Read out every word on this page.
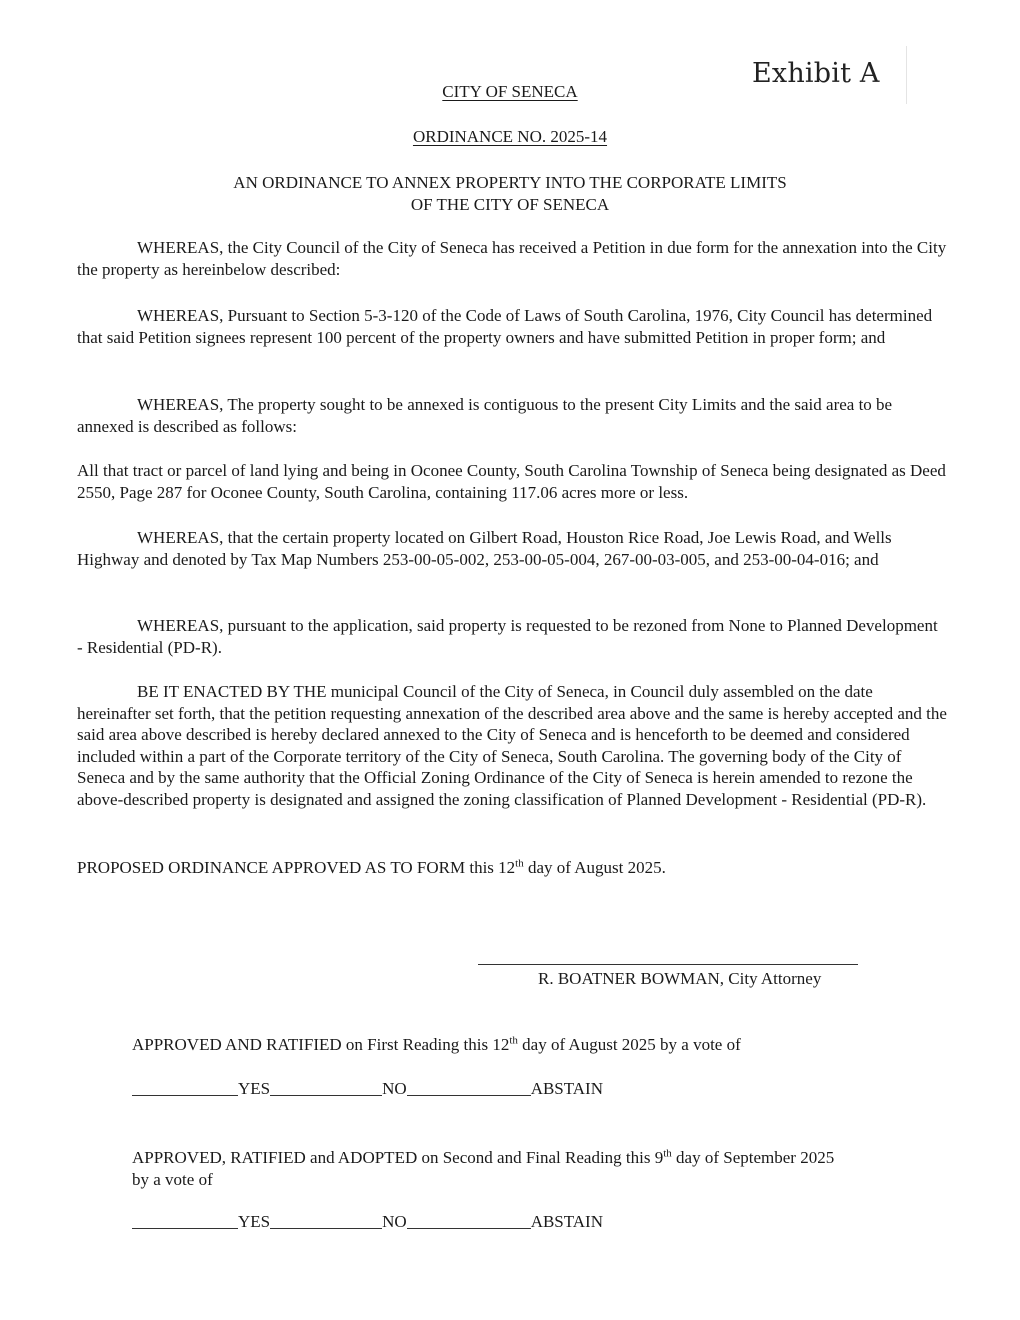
Exhibit A
CITY OF SENECA
ORDINANCE NO. 2025-14
AN ORDINANCE TO ANNEX PROPERTY INTO THE CORPORATE LIMITS
OF THE CITY OF SENECA
WHEREAS, the City Council of the City of Seneca has received a Petition in due form for the annexation into the City the property as hereinbelow described:
WHEREAS, Pursuant to Section 5-3-120 of the Code of Laws of South Carolina, 1976, City Council has determined that said Petition signees represent 100 percent of the property owners and have submitted Petition in proper form; and
WHEREAS, The property sought to be annexed is contiguous to the present City Limits and the said area to be annexed is described as follows:
All that tract or parcel of land lying and being in Oconee County, South Carolina Township of Seneca being designated as Deed 2550, Page 287 for Oconee County, South Carolina, containing 117.06 acres more or less.
WHEREAS, that the certain property located on Gilbert Road, Houston Rice Road, Joe Lewis Road, and Wells Highway and denoted by Tax Map Numbers 253-00-05-002, 253-00-05-004, 267-00-03-005, and 253-00-04-016; and
WHEREAS, pursuant to the application, said property is requested to be rezoned from None to Planned Development - Residential (PD-R).
BE IT ENACTED BY THE municipal Council of the City of Seneca, in Council duly assembled on the date hereinafter set forth, that the petition requesting annexation of the described area above and the same is hereby accepted and the said area above described is hereby declared annexed to the City of Seneca and is henceforth to be deemed and considered included within a part of the Corporate territory of the City of Seneca, South Carolina. The governing body of the City of Seneca and by the same authority that the Official Zoning Ordinance of the City of Seneca is herein amended to rezone the above-described property is designated and assigned the zoning classification of Planned Development - Residential (PD-R).
PROPOSED ORDINANCE APPROVED AS TO FORM this 12th day of August 2025.
R. BOATNER BOWMAN, City Attorney
APPROVED AND RATIFIED on First Reading this 12th day of August 2025 by a vote of
YES	NO	ABSTAIN
APPROVED, RATIFIED and ADOPTED on Second and Final Reading this 9th day of September 2025
by a vote of
YES	NO	ABSTAIN
